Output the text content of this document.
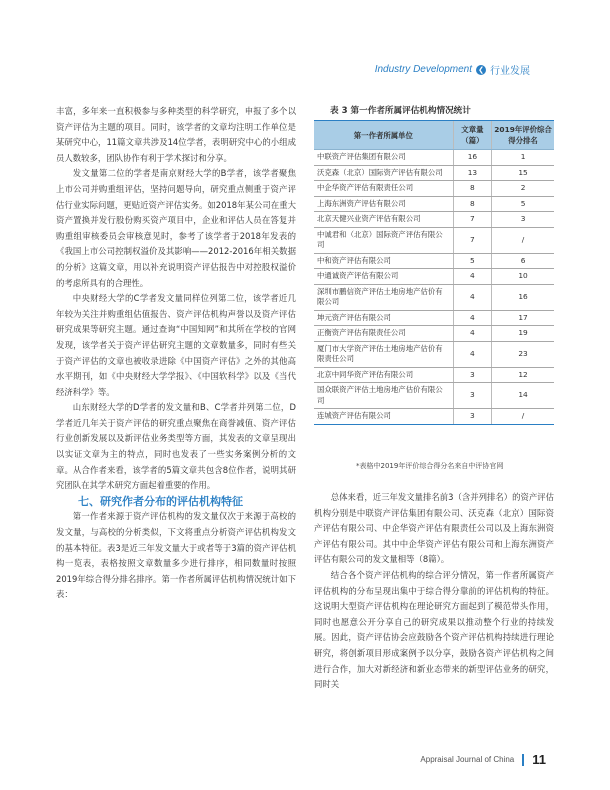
Industry Development ❮ 行业发展

丰富，多年来一直积极参与多种类型的科学研究，申报了多个以资产评估为主题的项目。同时，该学者的文章均注明工作单位是某研究中心，11篇文章共涉及14位学者，表明研究中心的小组成员人数较多，团队协作有利于学术探讨和分享。

发文量第二位的学者是南京财经大学的B学者，该学者聚焦上市公司并购重组评估，坚持问题导向，研究重点侧重于资产评估行业实际问题，更贴近资产评估实务。如2018年某公司在重大资产置换并发行股份购买资产项目中，企业和评估人员在答复并购重组审核委员会审核意见时，参考了该学者于2018年发表的《我国上市公司控制权溢价及其影响——2012-2016年相关数据的分析》这篇文章，用以补充说明资产评估报告中对控股权溢价的考虑所具有的合理性。

中央财经大学的C学者发文量同样位列第二位，该学者近几年较为关注并购重组估值报告、资产评估机构声誉以及资产评估研究成果等研究主题。通过查询“中国知网”和其所在学校的官网发现，该学者关于资产评估研究主题的文章数量多，同时有些关于资产评估的文章也被收录进除《中国资产评估》之外的其他高水平期刊，如《中央财经大学学报》、《中国软科学》以及《当代经济科学》等。

山东财经大学的D学者的发文量和B、C学者并列第二位，D学者近几年关于资产评估的研究重点聚焦在商誉减值、资产评估行业创新发展以及新评估业务类型等方面，其发表的文章呈现出以实证文章为主的特点，同时也发表了一些实务案例分析的文章。从合作者来看，该学者的5篇文章共包含8位作者，说明其研究团队在其学术研究方面起着重要的作用。

七、研究作者分布的评估机构特征

第一作者来源于资产评估机构的发文量仅次于来源于高校的发文量，与高校的分析类似，下文将重点分析资产评估机构发文的基本特征。表3是近三年发文量大于或者等于3篇的资产评估机构一览表，表格按照文章数量多少进行排序，相同数量时按照2019年综合得分排名排序。第一作者所属评估机构情况统计如下表：

表 3 第一作者所属评估机构情况统计
第一作者所属单位	文章量（篇）	2019年评价综合得分排名
中联资产评估集团有限公司	16	1
沃克森（北京）国际资产评估有限公司	13	15
中企华资产评估有限责任公司	8	2
上海东洲资产评估有限公司	8	5
北京天健兴业资产评估有限公司	7	3
中诚君和（北京）国际资产评估有限公司	7	/
中和资产评估有限公司	5	6
中通诚资产评估有限公司	4	10
深圳市鹏信资产评估土地房地产估价有限公司	4	16
坤元资产评估有限公司	4	17
正衡资产评估有限责任公司	4	19
厦门市大学资产评估土地房地产估价有限责任公司	4	23
北京中同华资产评估有限公司	3	12
国众联资产评估土地房地产估价有限公司	3	14
连城资产评估有限公司	3	/
*表格中2019年评价综合得分名来自中评协官网

总体来看，近三年发文量排名前3（含并列排名）的资产评估机构分别是中联资产评估集团有限公司、沃克森（北京）国际资产评估有限公司、中企华资产评估有限责任公司以及上海东洲资产评估有限公司。其中中企华资产评估有限公司和上海东洲资产评估有限公司的发文量相等（8篇）。

结合各个资产评估机构的综合评分情况，第一作者所属资产评估机构的分布呈现出集中于综合得分靠前的评估机构的特征。这说明大型资产评估机构在理论研究方面起到了模范带头作用，同时也愿意公开分享自己的研究成果以推动整个行业的持续发展。因此，资产评估协会应鼓励各个资产评估机构持续进行理论研究，将创新项目形成案例予以分享，鼓励各资产评估机构之间进行合作，加大对新经济和新业态带来的新型评估业务的研究，同时关

Appraisal Journal of China 11
